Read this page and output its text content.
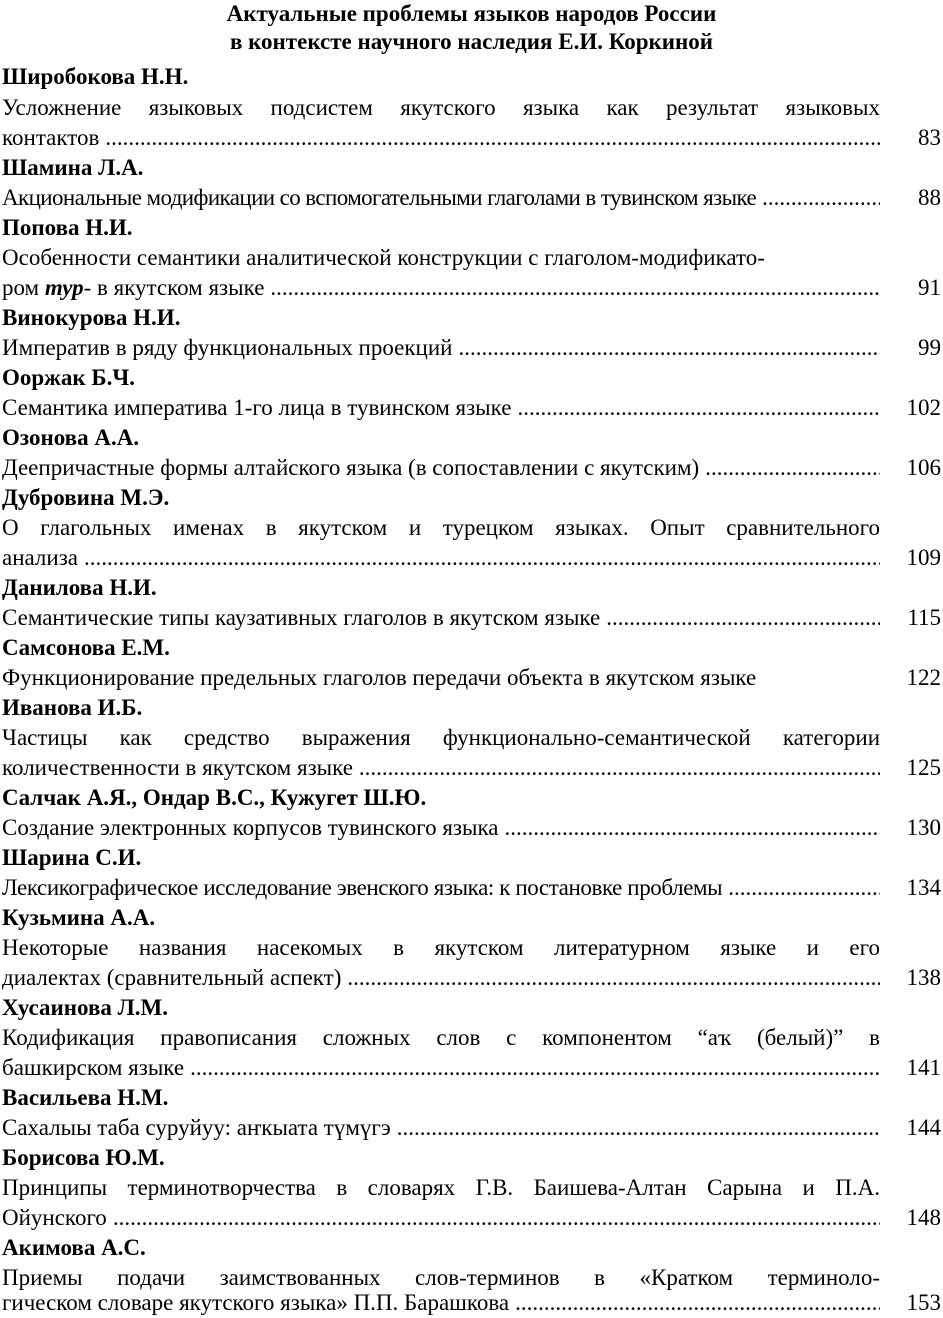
Актуальные проблемы языков народов России
в контексте научного наследия Е.И. Коркиной
Широбокова Н.Н.
Усложнение языковых подсистем якутского языка как результат языковых
контактов .....	83
Шамина Л.А.
Акциональные модификации со вспомогательными глаголами в тувинском языке .....	88
Попова Н.И.
Особенности семантики аналитической конструкции с глаголом-модификато-
ром тур- в якутском языке .....	91
Винокурова Н.И.
Императив в ряду функциональных проекций .....	99
Ооржак Б.Ч.
Семантика императива 1-го лица в тувинском языке .....	102
Озонова А.А.
Деепричастные формы алтайского языка (в сопоставлении с якутским) .....	106
Дубровина М.Э.
О глагольных именах в якутском и турецком языках. Опыт сравнительного
анализа .....	109
Данилова Н.И.
Семантические типы каузативных глаголов в якутском языке .....	115
Самсонова Е.М.
Функционирование предельных глаголов передачи объекта в якутском языке	122
Иванова И.Б.
Частицы как средство выражения функционально-семантической категории
количественности в якутском языке .....	125
Салчак А.Я., Ондар В.С., Кужугет Ш.Ю.
Создание электронных корпусов тувинского языка .....	130
Шарина С.И.
Лексикографическое исследование эвенского языка: к постановке проблемы .....	134
Кузьмина А.А.
Некоторые названия насекомых в якутском литературном языке и его
диалектах (сравнительный аспект) .....	138
Хусаинова Л.М.
Кодификация правописания сложных слов с компонентом “аҡ (белый)” в
башкирском языке .....	141
Васильева Н.М.
Сахалыы таба суруйуу: аҥкыата түмүгэ .....	144
Борисова Ю.М.
Принципы терминотворчества в словарях Г.В. Баишева-Алтан Сарына и П.А.
Ойунского .....	148
Акимова А.С.
Приемы подачи заимствованных слов-терминов в «Кратком терминоло-
гическом словаре якутского языка» П.П. Барашкова .....	153
